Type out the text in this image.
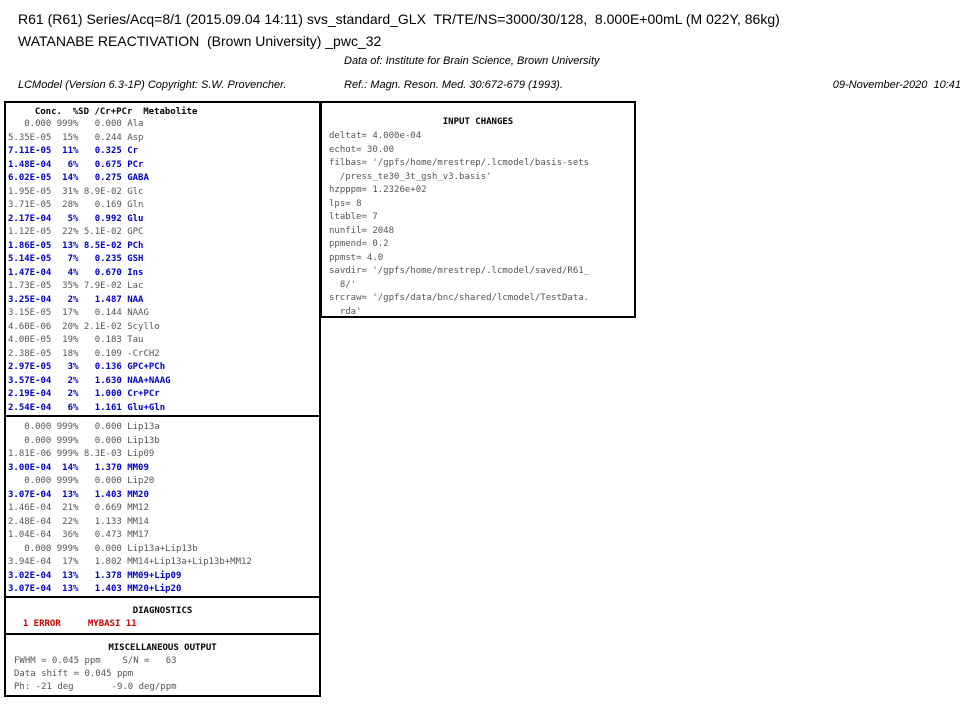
R61 (R61) Series/Acq=8/1 (2015.09.04 14:11) svs_standard_GLX  TR/TE/NS=3000/30/128,  8.000E+00mL (M 022Y, 86kg)
WATANABE REACTIVATION  (Brown University) _pwc_32
Data of: Institute for Brain Science, Brown University
LCModel (Version 6.3-1P) Copyright: S.W. Provencher.	Ref.: Magn. Reson. Med. 30:672-679 (1993).	09-November-2020  10:41
Conc.  %SD /Cr+PCr  Metabolite
0.000 999%   0.000 Ala
5.35E-05  15%   0.244 Asp
7.11E-05  11%   0.325 Cr
1.48E-04   6%   0.675 PCr
6.02E-05  14%   0.275 GABA
1.95E-05  31% 8.9E-02 Glc
3.71E-05  28%   0.169 Gln
2.17E-04   5%   0.992 Glu
1.12E-05  22% 5.1E-02 GPC
1.86E-05  13% 8.5E-02 PCh
5.14E-05   7%   0.235 GSH
1.47E-04   4%   0.670 Ins
1.73E-05  35% 7.9E-02 Lac
3.25E-04   2%   1.487 NAA
3.15E-05  17%   0.144 NAAG
4.60E-06  20% 2.1E-02 Scyllo
4.00E-05  19%   0.183 Tau
2.38E-05  18%   0.109 -CrCH2
2.97E-05   3%   0.136 GPC+PCh
3.57E-04   2%   1.630 NAA+NAAG
2.19E-04   2%   1.000 Cr+PCr
2.54E-04   6%   1.161 Glu+Gln
0.000 999%   0.000 Lip13a
0.000 999%   0.000 Lip13b
1.81E-06 999% 8.3E-03 Lip09
3.00E-04  14%   1.370 MM09
0.000 999%   0.000 Lip20
3.07E-04  13%   1.403 MM20
1.46E-04  21%   0.669 MM12
2.48E-04  22%   1.133 MM14
1.04E-04  36%   0.473 MM17
0.000 999%   0.000 Lip13a+Lip13b
3.94E-04  17%   1.802 MM14+Lip13a+Lip13b+MM12
3.02E-04  13%   1.378 MM09+Lip09
3.07E-04  13%   1.403 MM20+Lip20
DIAGNOSTICS
1 ERROR     MYBASI 11
MISCELLANEOUS OUTPUT
FWHM = 0.045 ppm    S/N =   63
Data shift = 0.045 ppm
Ph: -21 deg       -9.0 deg/ppm
INPUT CHANGES
deltat= 4.000e-04
echot= 30.00
filbas= '/gpfs/home/mrestrep/.lcmodel/basis-sets
/press_te30_3t_gsh_v3.basis'
hzpppm= 1.2326e+02
lps= 8
ltable= 7
nunfil= 2048
ppmend= 0.2
ppmst= 4.0
savdir= '/gpfs/home/mrestrep/.lcmodel/saved/R61_
8/'
srcraw= '/gpfs/data/bnc/shared/lcmodel/TestData.
rda'
